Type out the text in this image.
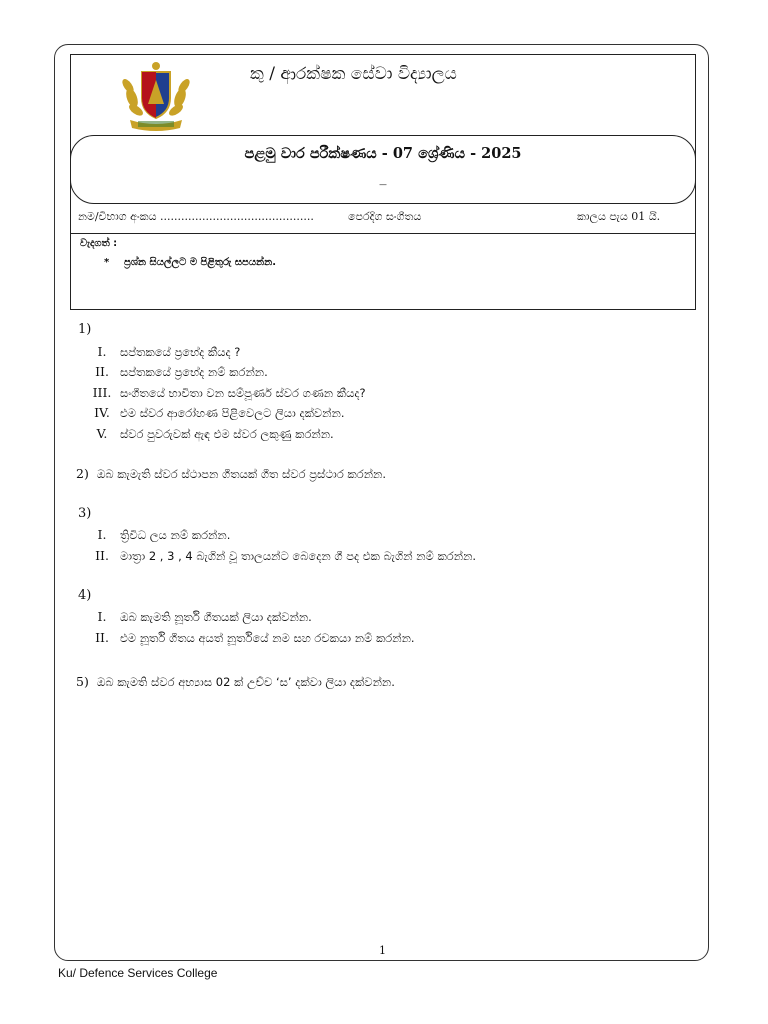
කු / ආරක්ෂක සේවා විද්‍යාලය
පළමු වාර පරීක්ෂණය - 07 ශ්‍රේණිය - 2025
_
නම/විභාග අංකය ............................................	පෙරදිග සංගීතය	කාලය පැය 01 යි.
වැදගත් :
* ප්‍රශ්න සියල්ලට ම පිළිතුරු සපයන්න.
1)
I. සප්තකයේ ප්‍රභේද කීයද ?
II. සප්තකයේ ප්‍රභේද නම් කරන්න.
III. සංගීතයේ භාවිතා වන සම්පූර්ණ ස්වර ගණන කීයද?
IV. එම ස්වර ආරෝහණ පිළිවෙලට ලියා දක්වන්න.
V. ස්වර පුවරුවක් ඇඳ එම ස්වර ලකුණු කරන්න.
2) ඔබ කැමැති ස්වර ස්ථාපන ගීතයක් ගීත ස්වර ප්‍රස්ථාර කරන්න.
3)
I. ත්‍රිවිධ ලය නම් කරන්න.
II. මාත්‍රා 2 , 3 , 4 බැගින් වූ තාලයන්ට බෙදෙන ගී පද එක බැගින් නම් කරන්න.
4)
I. ඔබ කැමති නූර්ති ගීතයක් ලියා දක්වන්න.
II. එම නූර්ති ගීතය අයත් නූර්තියේ නම සහ රචකයා නම් කරන්න.
5) ඔබ කැමති ස්වර අභ්‍යාස 02 ක් උච්ච ‘ස’ දක්වා ලියා දක්වන්න.
1
Ku/ Defence Services College
